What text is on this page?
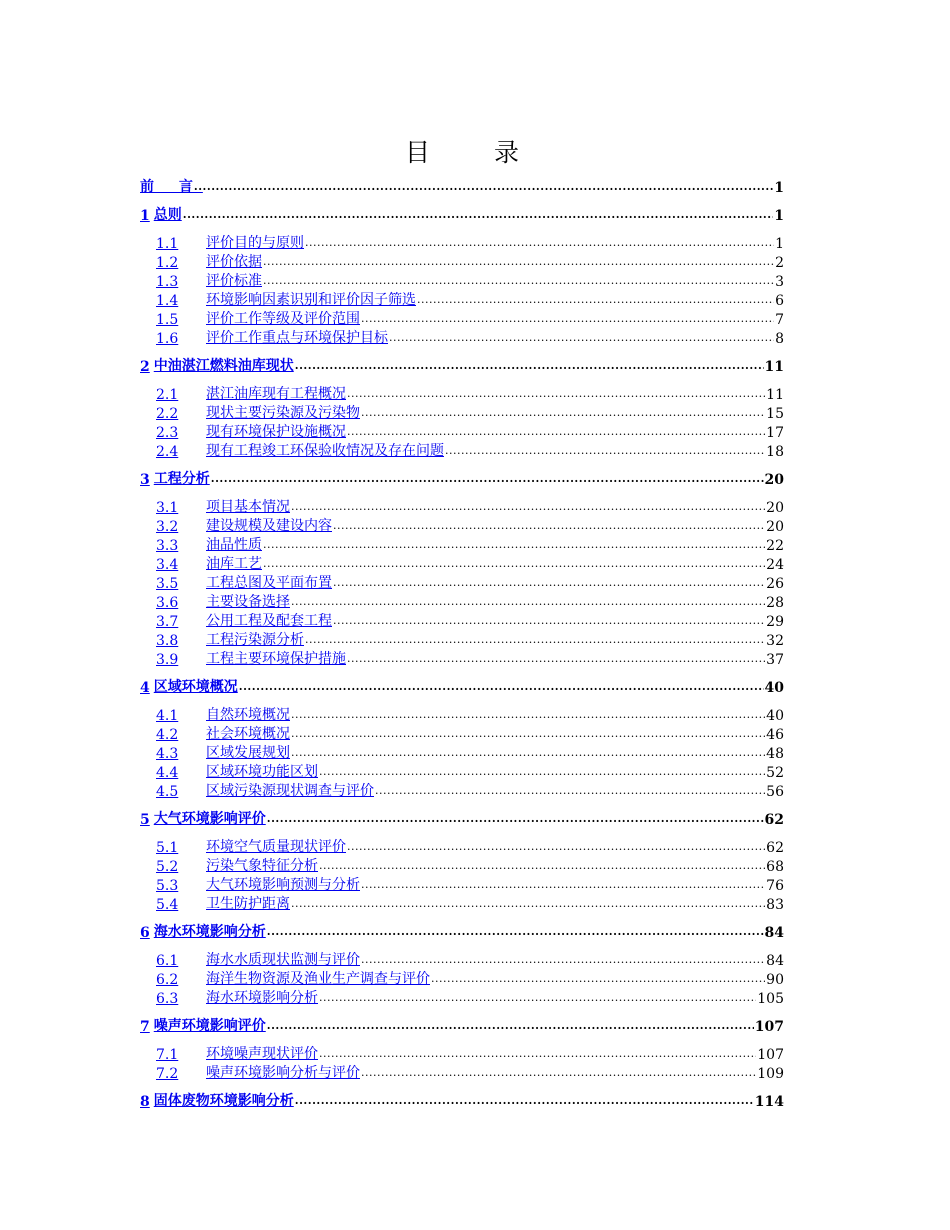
目 录
前 言 .....	1
1 总则 .....	1
1.1	评价目的与原则 .....	1
1.2	评价依据 .....	2
1.3	评价标准 .....	3
1.4	环境影响因素识别和评价因子筛选 .....	6
1.5	评价工作等级及评价范围 .....	7
1.6	评价工作重点与环境保护目标 .....	8
2 中油湛江燃料油库现状 .....	11
2.1	湛江油库现有工程概况 .....	11
2.2	现状主要污染源及污染物 .....	15
2.3	现有环境保护设施概况 .....	17
2.4	现有工程竣工环保验收情况及存在问题 .....	18
3 工程分析 .....	20
3.1	项目基本情况 .....	20
3.2	建设规模及建设内容 .....	20
3.3	油品性质 .....	22
3.4	油库工艺 .....	24
3.5	工程总图及平面布置 .....	26
3.6	主要设备选择 .....	28
3.7	公用工程及配套工程 .....	29
3.8	工程污染源分析 .....	32
3.9	工程主要环境保护措施 .....	37
4 区域环境概况 .....	40
4.1	自然环境概况 .....	40
4.2	社会环境概况 .....	46
4.3	区域发展规划 .....	48
4.4	区域环境功能区划 .....	52
4.5	区域污染源现状调查与评价 .....	56
5 大气环境影响评价 .....	62
5.1	环境空气质量现状评价 .....	62
5.2	污染气象特征分析 .....	68
5.3	大气环境影响预测与分析 .....	76
5.4	卫生防护距离 .....	83
6 海水环境影响分析 .....	84
6.1	海水水质现状监测与评价 .....	84
6.2	海洋生物资源及渔业生产调查与评价 .....	90
6.3	海水环境影响分析 .....	105
7 噪声环境影响评价 .....	107
7.1	环境噪声现状评价 .....	107
7.2	噪声环境影响分析与评价 .....	109
8 固体废物环境影响分析 .....	114
